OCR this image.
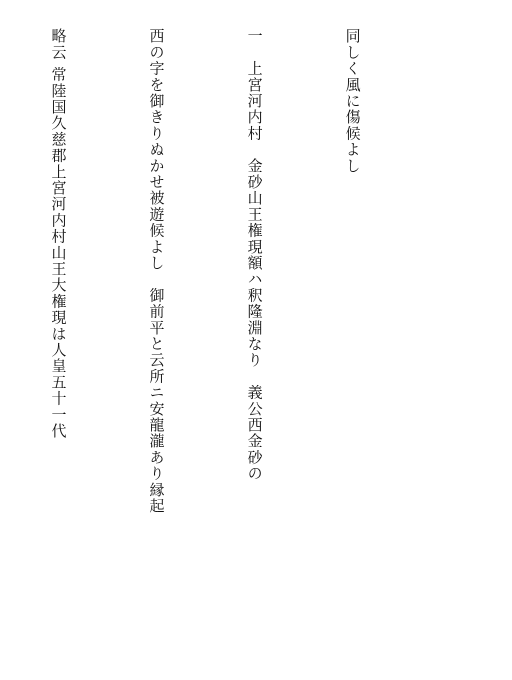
同しく風に傷候よし

一　上宮河内村　金砂山王権現額ハ釈隆淵なり　義公西金砂の

西の字を御きりぬかせ被遊候よし　御前平と云所ニ安龍瀧あり縁起

略云 常陸国久慈郡上宮河内村山王大権現は人皇五十一代
